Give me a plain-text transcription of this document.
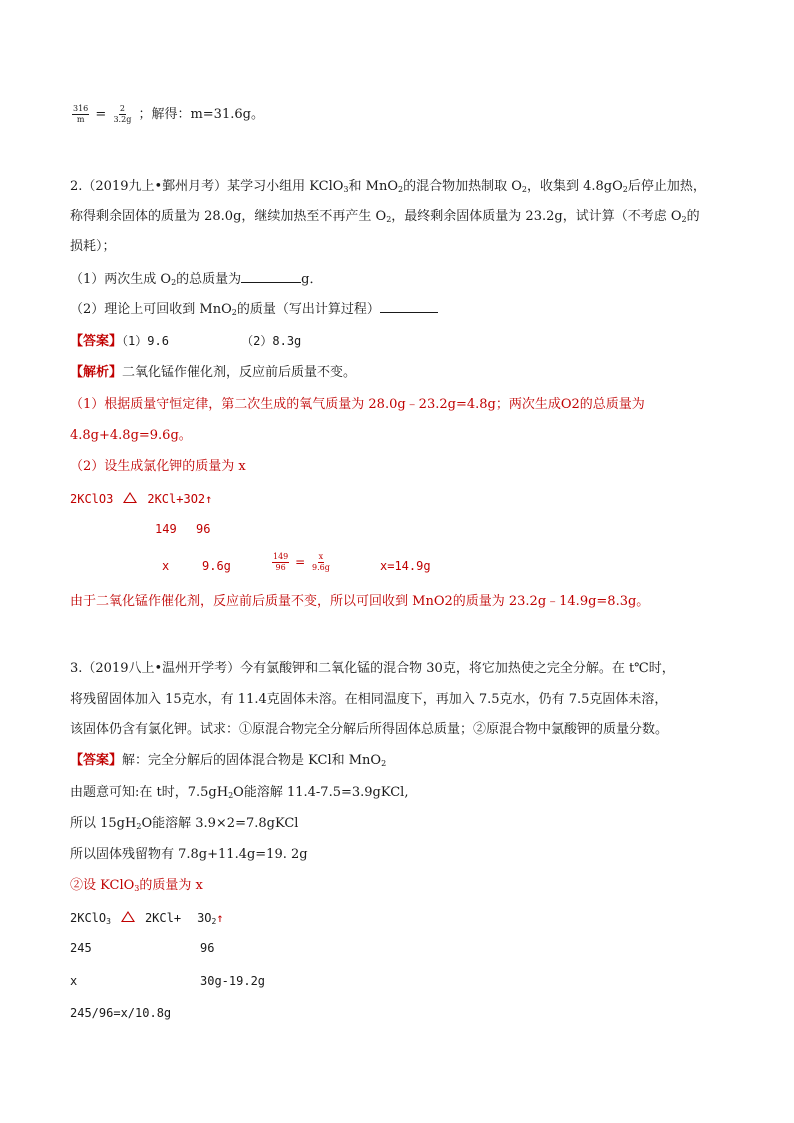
$\frac{316}{m} = \frac{2}{3.2g}$ ；解得：m=31.6g。
2.（2019九上•鄞州月考）某学习小组用 KClO$_3$和 MnO$_2$的混合物加热制取 $O_2$，收集到 $4.8gO_2$后停止加热，
称得剩余固体的质量为 28.0g，继续加热至不再产生 $O_2$，最终剩余固体质量为 23.2g，试计算（不考虑 $O_2$的
损耗）；
（1）两次生成 $O_2$的总质量为	g．
（2）理论上可回收到 MnO$_2$的质量（写出计算过程）
【答案】（1）9.6          （2）8.3g
【解析】二氧化锰作催化剂，反应前后质量不变。
（1）根据质量守恒定律，第二次生成的氧气质量为 28.0g﹣23.2g=4.8g；两次生成O2的总质量为
4.8g+4.8g=9.6g。
（2）设生成氯化钾的质量为 x
2KClO3	2KCl+3O2↑
149 96
x	9.6g	$\frac{149}{96} = \frac{x}{9.6g}$	x=14.9g
由于二氧化锰作催化剂，反应前后质量不变，所以可回收到 MnO2的质量为 23.2g﹣14.9g=8.3g。
3.（2019八上•温州开学考）今有氯酸钾和二氧化锰的混合物 30克，将它加热使之完全分解。在 t℃时，
将残留固体加入 15克水，有 11.4克固体未溶。在相同温度下，再加入 7.5克水，仍有 7.5克固体未溶，
该固体仍含有氯化钾。试求：①原混合物完全分解后所得固体总质量；②原混合物中氯酸钾的质量分数。
【答案】解：完全分解后的固体混合物是 KCl和 MnO$_2$
由题意可知:在 t时，$7.5gH_2O$能溶解 11.4-7.5=3.9gKCl,
所以 $15gH_2O$能溶解 3.9×2=7.8gKCl
所以固体残留物有 7.8g+11.4g=19. 2g
②设 KClO$_3$的质量为 x
2KClO$_3$	$2KCl+ 3O_2↑$
245	96
x	30g-19.2g
245/96=x/10.8g
